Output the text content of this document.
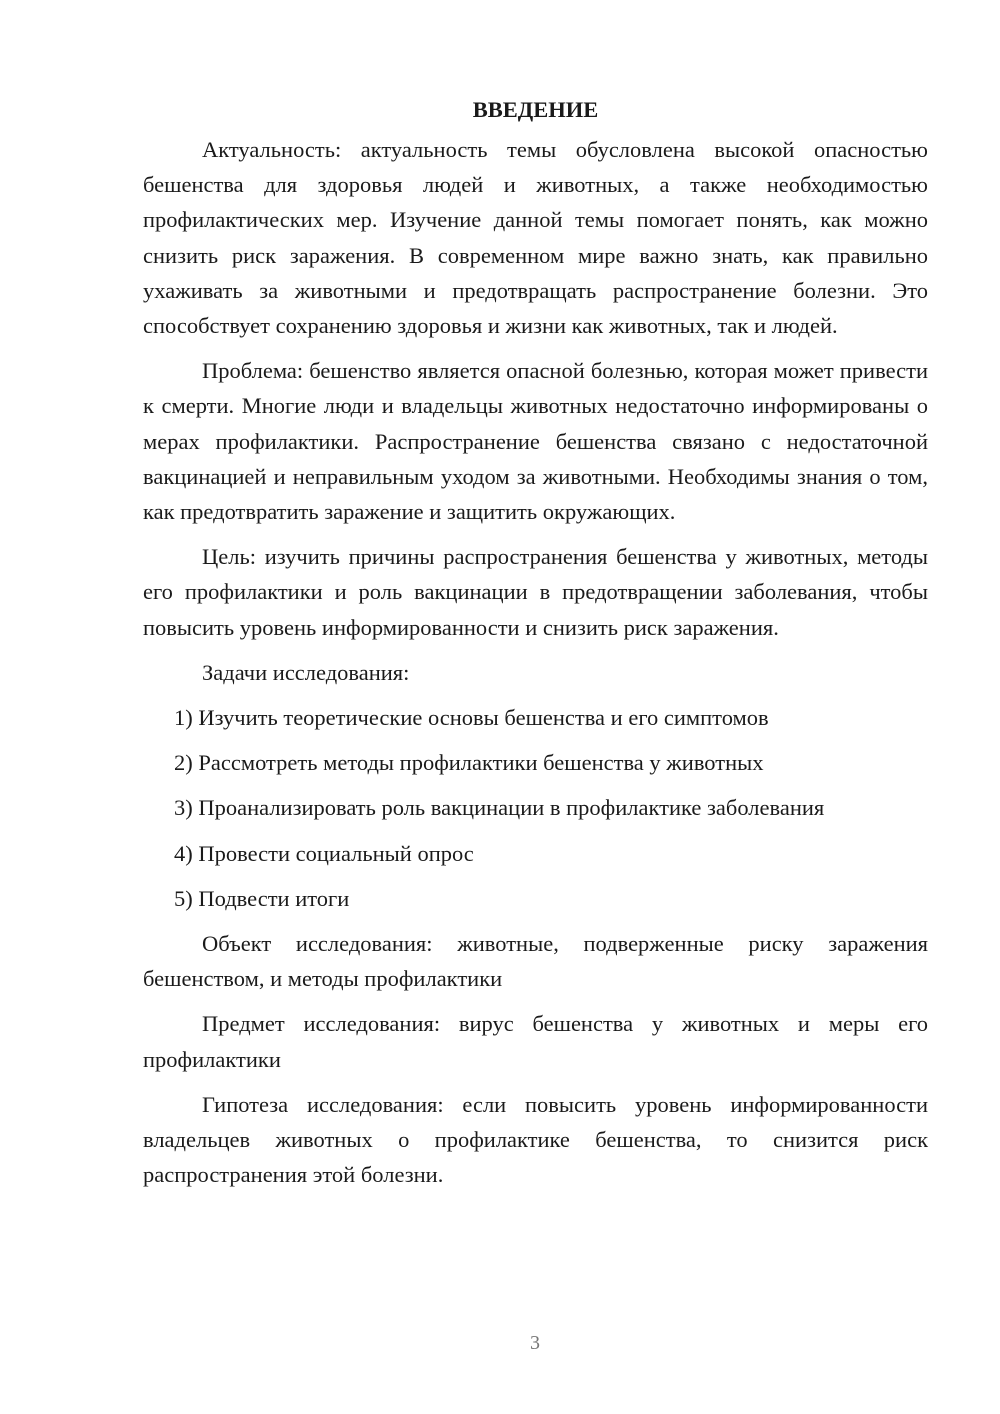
ВВЕДЕНИЕ

Актуальность: актуальность темы обусловлена высокой опасностью бешенства для здоровья людей и животных, а также необходимостью профилактических мер. Изучение данной темы помогает понять, как можно снизить риск заражения. В современном мире важно знать, как правильно ухаживать за животными и предотвращать распространение болезни. Это способствует сохранению здоровья и жизни как животных, так и людей.

Проблема: бешенство является опасной болезнью, которая может привести к смерти. Многие люди и владельцы животных недостаточно информированы о мерах профилактики. Распространение бешенства связано с недостаточной вакцинацией и неправильным уходом за животными. Необходимы знания о том, как предотвратить заражение и защитить окружающих.

Цель: изучить причины распространения бешенства у животных, методы его профилактики и роль вакцинации в предотвращении заболевания, чтобы повысить уровень информированности и снизить риск заражения.

Задачи исследования:

1) Изучить теоретические основы бешенства и его симптомов
2) Рассмотреть методы профилактики бешенства у животных
3) Проанализировать роль вакцинации в профилактике заболевания
4) Провести социальный опрос
5) Подвести итоги

Объект исследования: животные, подверженные риску заражения бешенством, и методы профилактики

Предмет исследования: вирус бешенства у животных и меры его профилактики

Гипотеза исследования: если повысить уровень информированности владельцев животных о профилактике бешенства, то снизится риск распространения этой болезни.

3
